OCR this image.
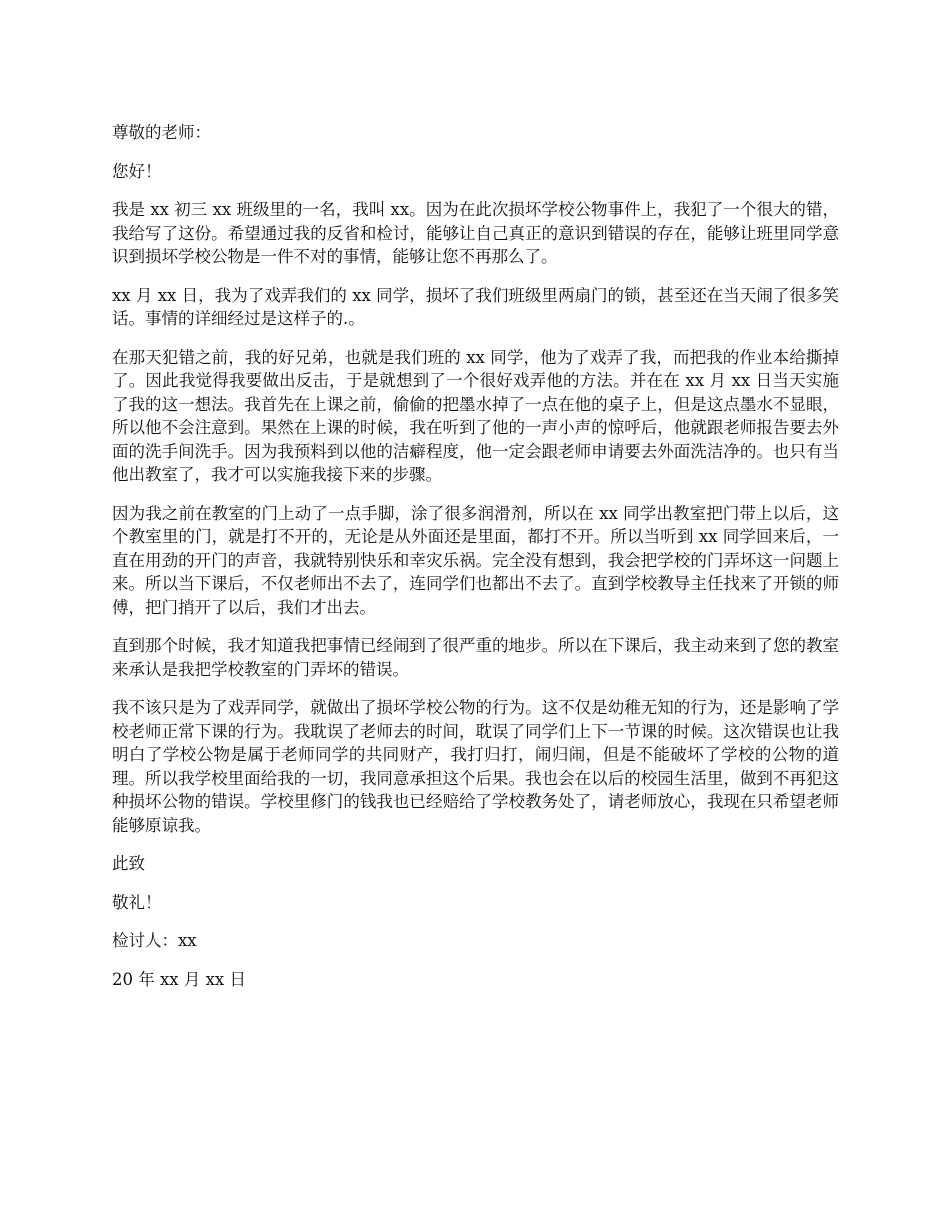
尊敬的老师：

您好！

我是 xx 初三 xx 班级里的一名，我叫 xx。因为在此次损坏学校公物事件上，我犯了一个很大的错，我给写了这份。希望通过我的反省和检讨，能够让自己真正的意识到错误的存在，能够让班里同学意识到损坏学校公物是一件不对的事情，能够让您不再那么了。

xx 月 xx 日，我为了戏弄我们的 xx 同学，损坏了我们班级里两扇门的锁，甚至还在当天闹了很多笑话。事情的详细经过是这样子的.。

在那天犯错之前，我的好兄弟，也就是我们班的 xx 同学，他为了戏弄了我，而把我的作业本给撕掉了。因此我觉得我要做出反击，于是就想到了一个很好戏弄他的方法。并在在 xx 月 xx 日当天实施了我的这一想法。我首先在上课之前，偷偷的把墨水掉了一点在他的桌子上，但是这点墨水不显眼，所以他不会注意到。果然在上课的时候，我在听到了他的一声小声的惊呼后，他就跟老师报告要去外面的洗手间洗手。因为我预料到以他的洁癖程度，他一定会跟老师申请要去外面洗洁净的。也只有当他出教室了，我才可以实施我接下来的步骤。

因为我之前在教室的门上动了一点手脚，涂了很多润滑剂，所以在 xx 同学出教室把门带上以后，这个教室里的门，就是打不开的，无论是从外面还是里面，都打不开。所以当听到 xx 同学回来后，一直在用劲的开门的声音，我就特别快乐和幸灾乐祸。完全没有想到，我会把学校的门弄坏这一问题上来。所以当下课后，不仅老师出不去了，连同学们也都出不去了。直到学校教导主任找来了开锁的师傅，把门捎开了以后，我们才出去。

直到那个时候，我才知道我把事情已经闹到了很严重的地步。所以在下课后，我主动来到了您的教室来承认是我把学校教室的门弄坏的错误。

我不该只是为了戏弄同学，就做出了损坏学校公物的行为。这不仅是幼稚无知的行为，还是影响了学校老师正常下课的行为。我耽误了老师去的时间，耽误了同学们上下一节课的时候。这次错误也让我明白了学校公物是属于老师同学的共同财产，我打归打，闹归闹，但是不能破坏了学校的公物的道理。所以我学校里面给我的一切，我同意承担这个后果。我也会在以后的校园生活里，做到不再犯这种损坏公物的错误。学校里修门的钱我也已经赔给了学校教务处了，请老师放心，我现在只希望老师能够原谅我。

此致

敬礼！

检讨人：xx

20 年 xx 月 xx 日
